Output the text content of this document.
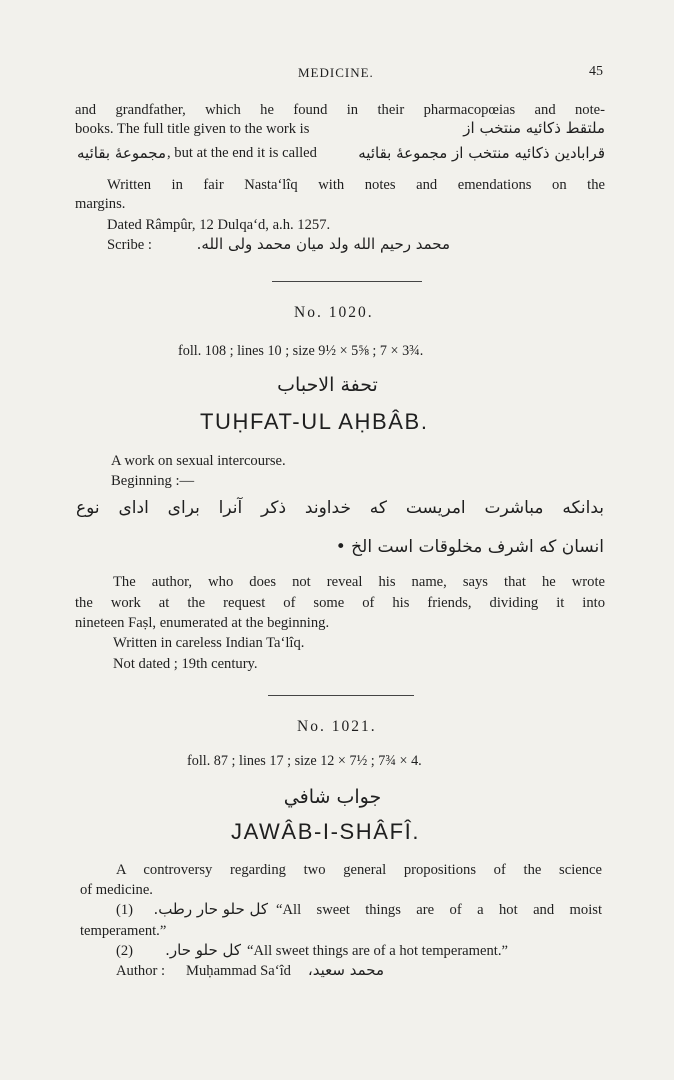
MEDICINE.	45
and grandfather, which he found in their pharmacopœias and note-
books. The full title given to the work is	ملتقط ذکائیه منتخب از
مجموعهٔ بقائیه , but at the end it is called	قرابادین ذکائیه منتخب از مجموعهٔ بقائیه
Written in fair Nasta‘lîq with notes and emendations on the
margins.
Dated Râmpûr, 12 Dulqa‘d, a.h. 1257.
Scribe :	محمد رحیم الله ولد میان محمد ولی الله.
No. 1020.
foll. 108 ; lines 10 ; size 9½ × 5⅝ ; 7 × 3¾.
تحفة الاحباب
TUḤFAT-UL AḤBÂB.
A work on sexual intercourse.
Beginning :—
بدانکه مباشرت امریست که خداوند ذکر آنرا برای ادای نوع
انسان که اشرف مخلوقات است الخ •
The author, who does not reveal his name, says that he wrote
the work at the request of some of his friends, dividing it into
nineteen Faṣl, enumerated at the beginning.
Written in careless Indian Ta‘lîq.
Not dated ; 19th century.
No. 1021.
foll. 87 ; lines 17 ; size 12 × 7½ ; 7¾ × 4.
جواب شافي
JAWÂB-I-SHÂFÎ.
A controversy regarding two general propositions of the science
of medicine.
(1)	كل حلو حار رطب. “All sweet things are of a hot and moist
temperament.”
(2)	كل حلو حار. “All sweet things are of a hot temperament.”
Author : Muḥammad Sa‘îd	محمد سعید،
